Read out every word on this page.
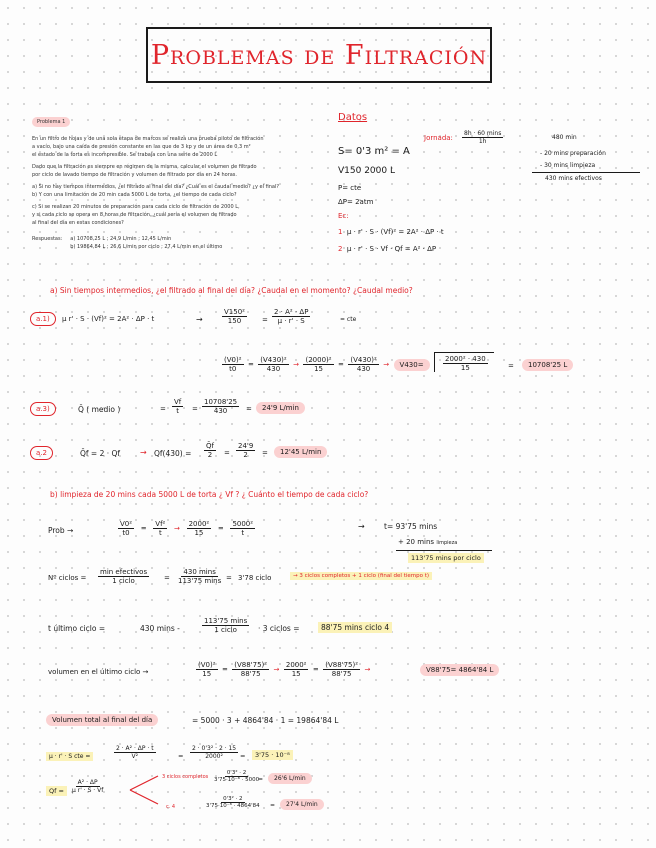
Problemas de Filtración
Problema 1
En un filtro de hojas y de una sola etapa de marcos se realiza una prueba piloto de filtración
a vacío, bajo una caída de presión constante en las que de 3 kp y de un área de 0,3 m²
el estado de la torta es incompresible. Se trabaja con una serie de 2000 L
Dado que la filtración es siempre en régimen de la misma, calcular el volumen de filtrado
por ciclo de lavado tiempo de filtración y volumen de filtrado por día en 24 horas.
a) Si no hay tiempos intermedios, ¿el filtrado al final del día? ¿Cuál es el caudal medio? ¿y el final?
b) Y con una limitación de 20 min cada 5000 L de torta, ¿el tiempo de cada ciclo?
c) Si se realizan 20 minutos de preparación para cada ciclo de filtración de 2000 L,
y si cada ciclo se opera en 8 horas de filtración, ¿cuál sería el volumen de filtrado
al final del día en estas condiciones?
Respuestas: a) 10708,25 L ; 24,9 L/min ; 12,45 L/min
b) 19864,84 L ; 26,6 L/min por ciclo ; 27,4 L/min en el último
Datos
Jornada: $\frac{8h \cdot 60 \min s}{1h}$	480 min
- 20 mins preparación
- 30 mins limpieza
430 mins efectivos
S= 0'3 m² = A
V150 2000 L
P= cte
ΔP= 2atm
Ec:
1 μ · r' · S · (Vf)² = 2A² · ΔP · t
2 μ · r' · S · Vf · Qf = A² · ΔP
a) Sin tiempos intermedios, ¿el filtrado al final del día? ¿Caudal en el momento? ¿Caudal medio?
a.1)	μ r' · S · (Vf)² = 2A² · ΔP · t	→	$\frac{\text{V150²}}{150} = \frac{\text{2 · A² · ΔP}}{\mu \cdot r' \cdot S}$	= cte
$\frac{\text{(V0)²}}{t0} = \frac{\text{(V430)²}}{430} \to \frac{\text{(2000)²}}{15} = \frac{\text{(V430)²}}{430} \to V430=$	$\frac{\text{2000² · 430}}{15}$	=	10708'25 L
a.3)	Q̄ ( medio )	= $\frac{Vf}{t} = \frac{10708'25}{430}$ =	24'9 L/min
a.2	Q̄f = $2 \cdot Qf \to Qf(430) = \frac{Q̄f}{2} = \frac{24'9}{2}$ =	12'45 L/min
b) limpieza de 20 mins cada 5000 L de torta ¿ Vf ? ¿ Cuánto el tiempo de cada ciclo?
Prob →	$\frac{\text{V0²}}{t0} = \frac{\text{Vf²}}{t} \to \frac{\text{2000²}}{15} = \frac{\text{5000²}}{t}$	→	t= 93'75 mins
+ 20 mins limpieza
113'75 mins por ciclo
Nº ciclos = $\frac{\text{min efectivos}}{\text{1 ciclo}} = \frac{430 \min s}{113'75 \min s} = 3'78$ ciclo	→ 3 ciclos completos + 1 ciclo (final del tiempo t)
t último ciclo =	430 mins -	$\frac{113'75 \min s}{\text{1 ciclo}} \cdot 3$ ciclos =	88'75 mins ciclo 4
volumen en el último ciclo →	$\frac{\text{(V0)²}}{15} = \frac{\text{(V88'75)²}}{88'75} \to \frac{\text{2000²}}{15} = \frac{\text{(V88'75)²}}{88'75}$ →	V88'75= 4864'84 L
Volumen total al final del día	= 5000 · 3 + 4864'84 · 1 = 19864'84 L
μ · r' · S cte =	$\frac{\text{2 · A² · ΔP · t}}{\text{V²}}$	= $\frac{\text{2 · 0'3² · 2 · 15}}{\text{2000²}}$ =	3'75 · 10⁻⁸
Qf =	$\frac{\text{A² · ΔP}}{\text{μ r' · S · Vf}}$
3 ciclos completos $\frac{\text{0'3² · 2}}{\text{3'75·10⁻⁸ · 5000}}$
=	26'6 L/min
c. 4	$\frac{\text{0'3² · 2}}{\text{3'75·10⁻⁸ · 4864'84}}$ =	27'4 L/min
